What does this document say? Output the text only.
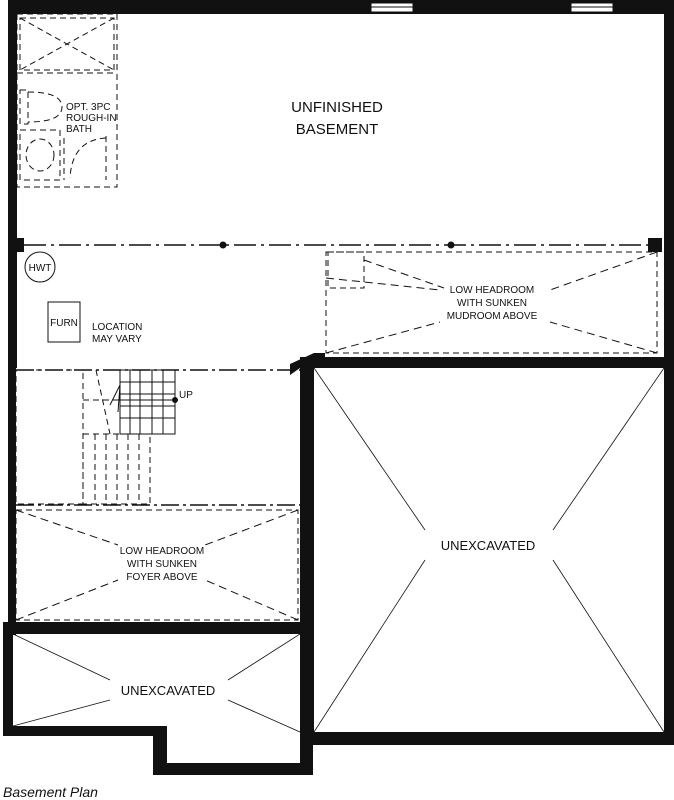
UNFINISHED
BASEMENT
OPT. 3PC
ROUGH-IN
BATH
HWT
FURN LOCATION
MAY VARY
LOW HEADROOM
WITH SUNKEN
MUDROOM ABOVE
UP
LOW HEADROOM
WITH SUNKEN
FOYER ABOVE
UNEXCAVATED
UNEXCAVATED
Basement Plan
